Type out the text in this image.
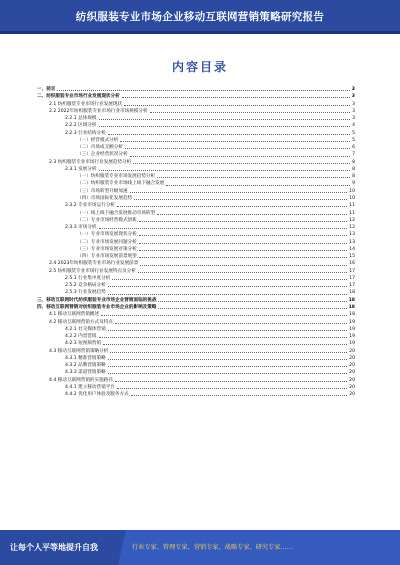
纺织服装专业市场企业移动互联网营销策略研究报告
内容目录
一、前言	3
二、纺织服装专业市场行业发展现状分析	3
2.1 纺织服装专业市场行业发展现状	3
2.2 2022年纺织服装专业市场行业市场规模分析	3
2.2.1 总体规模	3
2.2.2 区域分析	4
2.2.3 行业结构分析	5
（一）经营模式分析	5
（二）市场成交额分析	6
（三）企业经营状况分析	7
2.3 纺织服装专业市场行业发展趋势分析	8
2.3.1 发展分析	8
（一）纺织服装专业市场发展趋势分析	8
（二）纺织服装专业市场线上线下融合发展	9
（三）市场转型升级加速	10
（四）市场国际化发展趋势	10
2.3.2 专业市场运行分析	11
（一）线上线下融合发展推动市场转型	11
（二）专业市场经营模式创新	12
2.3.3 市场分析	12
（一）专业市场发展现状分析	13
（二）专业市场发展问题分析	13
（三）专业市场发展对策分析	14
（四）专业市场发展前景展望	15
2.4 2023年纺织服装专业市场行业发展前景	16
2.5 纺织服装专业市场行业发展特点及分析	17
2.5.1 行业集中度分析	17
2.5.2 竞争格局分析	17
2.5.3 行业发展趋势	18
三、移动互联网时代纺织服装专业市场企业营销面临的挑战	18
四、移动互联网营销对纺织服装专业市场企业的影响及策略	18
4.1 移动互联网营销概述	18
4.2 移动互联网营销方式及特点	19
4.2.1 社交媒体营销	19
4.2.2 内容营销	19
4.2.3 短视频营销	19
4.3 移动互联网营销策略分析	20
4.3.1 精准营销策略	20
4.3.2 品牌营销策略	20
4.3.3 渠道营销策略	20
4.4 移动互联网营销的实施路径	20
4.4.1 建立移动营销平台	20
4.4.2 优化用户体验及服务方式	20
让每个人平等地提升自我	行业专家、管理专家、营销专家、战略专家、研究专家……
